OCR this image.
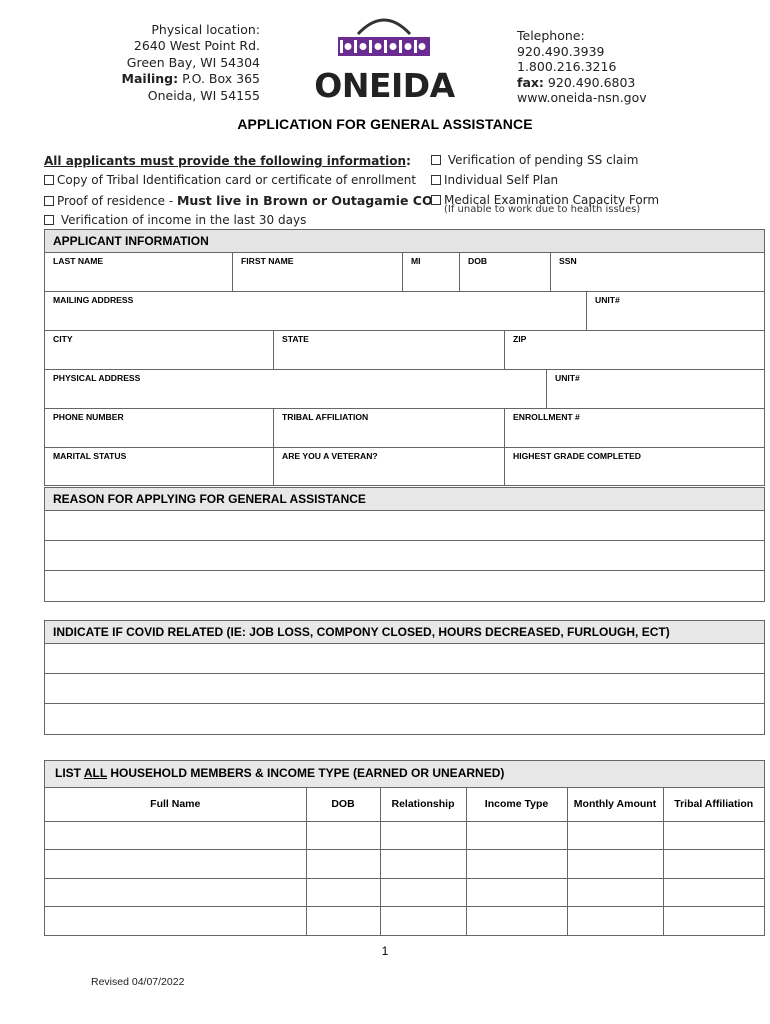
Physical location:
2640 West Point Rd.
Green Bay, WI 54304
Mailing: P.O. Box 365
Oneida, WI 54155 ONEIDA
Telephone:
920.490.3939
1.800.216.3216
fax: 920.490.6803
www.oneida-nsn.gov
APPLICATION FOR GENERAL ASSISTANCE
All applicants must provide the following information:
Copy of Tribal Identification card or certificate of enrollment
Proof of residence - Must live in Brown or Outagamie CO
Verification of income in the last 30 days
Verification of pending SS claim
Individual Self Plan
Medical Examination Capacity Form
(If unable to work due to health issues)
APPLICANT INFORMATION
LAST NAME	FIRST NAME	MI	DOB	SSN
MAILING ADDRESS	UNIT#
CITY	STATE	ZIP
PHYSICAL ADDRESS	UNIT#
PHONE NUMBER	TRIBAL AFFILIATION	ENROLLMENT #
MARITAL STATUS	ARE YOU A VETERAN?	HIGHEST GRADE COMPLETED
REASON FOR APPLYING FOR GENERAL ASSISTANCE
INDICATE IF COVID RELATED (IE: JOB LOSS, COMPONY CLOSED, HOURS DECREASED, FURLOUGH, ECT)
LIST ALL HOUSEHOLD MEMBERS & INCOME TYPE (EARNED OR UNEARNED)
Full Name	DOB	Relationship	Income Type	Monthly Amount	Tribal Affiliation

1
Revised 04/07/2022
